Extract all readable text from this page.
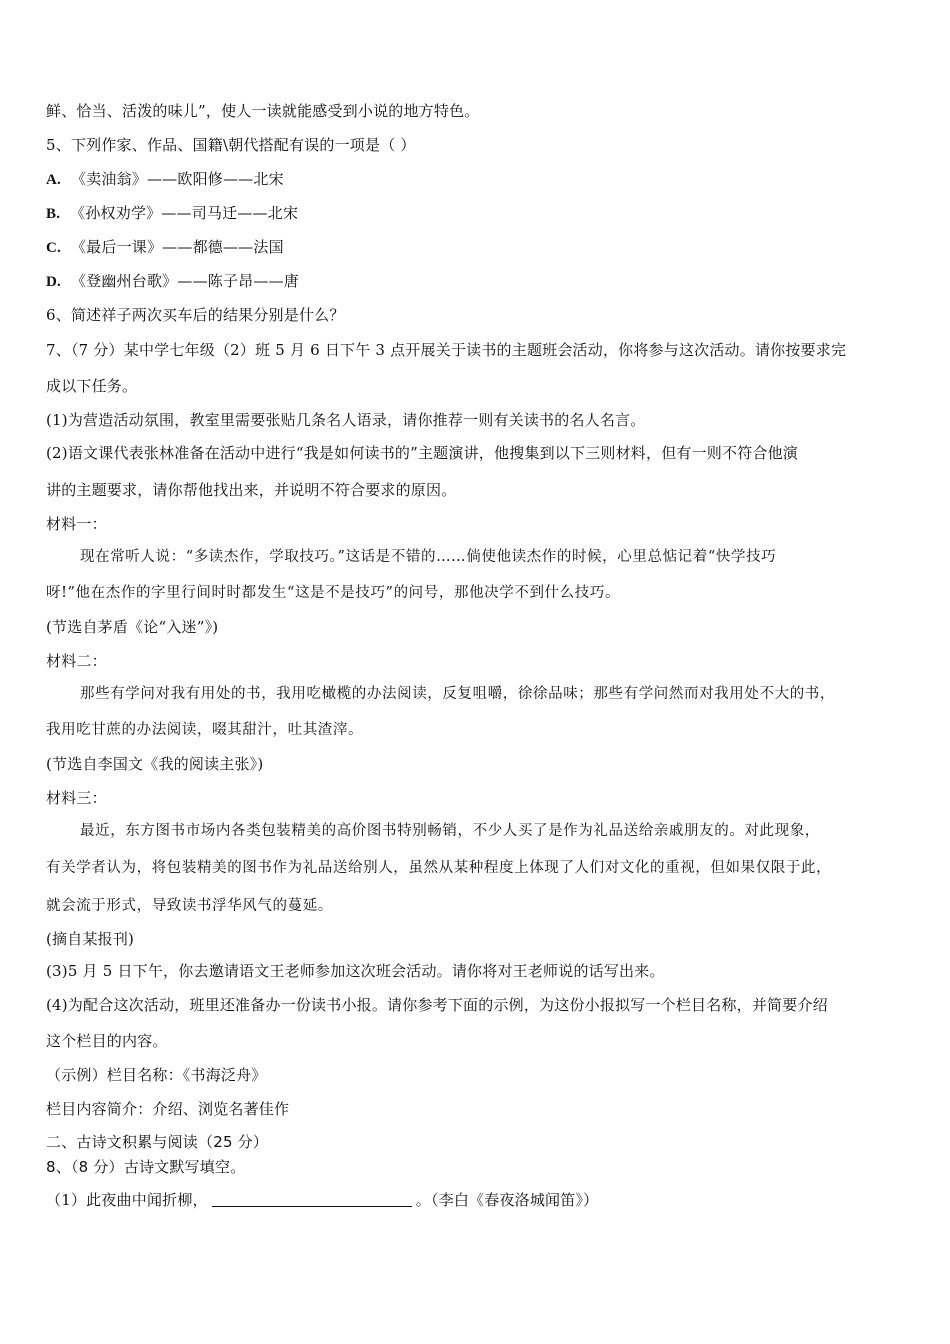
鲜、恰当、活泼的味儿”，使人一读就能感受到小说的地方特色。
5、下列作家、作品、国籍\朝代搭配有误的一项是（ ）
A. 《卖油翁》——欧阳修——北宋
B. 《孙权劝学》——司马迁——北宋
C. 《最后一课》——都德——法国
D. 《登幽州台歌》——陈子昂——唐
6、简述祥子两次买车后的结果分别是什么？
7、（7 分）某中学七年级（2）班 5 月 6 日下午 3 点开展关于读书的主题班会活动，你将参与这次活动。请你按要求完
成以下任务。
(1)为营造活动氛围，教室里需要张贴几条名人语录，请你推荐一则有关读书的名人名言。
(2)语文课代表张林准备在活动中进行“我是如何读书的”主题演讲，他搜集到以下三则材料，但有一则不符合他演
讲的主题要求，请你帮他找出来，并说明不符合要求的原因。
材料一：
现在常听人说：“多读杰作，学取技巧。”这话是不错的……倘使他读杰作的时候，心里总惦记着“快学技巧
呀!”他在杰作的字里行间时时都发生“这是不是技巧”的问号，那他决学不到什么技巧。
(节选自茅盾《论“入迷”》)
材料二：
那些有学问对我有用处的书，我用吃橄榄的办法阅读，反复咀嚼，徐徐品味；那些有学问然而对我用处不大的书，
我用吃甘蔗的办法阅读，啜其甜汁，吐其渣滓。
(节选自李国文《我的阅读主张》)
材料三：
最近，东方图书市场内各类包装精美的高价图书特别畅销，不少人买了是作为礼品送给亲戚朋友的。对此现象，
有关学者认为，将包装精美的图书作为礼品送给别人，虽然从某种程度上体现了人们对文化的重视，但如果仅限于此，
就会流于形式，导致读书浮华风气的蔓延。
(摘自某报刊)
(3)5 月 5 日下午，你去邀请语文王老师参加这次班会活动。请你将对王老师说的话写出来。
(4)为配合这次活动，班里还准备办一份读书小报。请你参考下面的示例，为这份小报拟写一个栏目名称，并简要介绍
这个栏目的内容。
（示例）栏目名称：《书海泛舟》
栏目内容简介：介绍、浏览名著佳作
二、古诗文积累与阅读（25 分）
8、（8 分）古诗文默写填空。
（1）此夜曲中闻折柳，	。（李白《春夜洛城闻笛》）
